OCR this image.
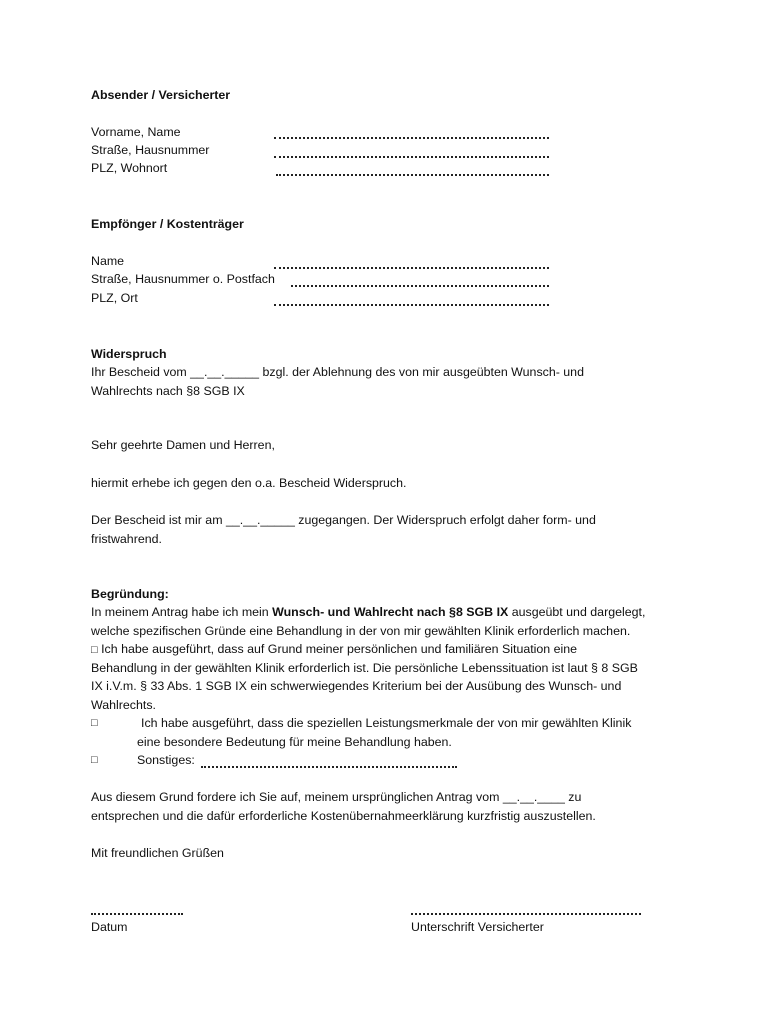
Absender / Versicherter
Vorname, Name
Straße, Hausnummer
PLZ, Wohnort
Empfönger / Kostenträger
Name
Straße, Hausnummer o. Postfach
PLZ, Ort
Widerspruch
Ihr Bescheid vom __.__._____ bzgl. der Ablehnung des von mir ausgeübten Wunsch- und
Wahlrechts nach §8 SGB IX
Sehr geehrte Damen und Herren,
hiermit erhebe ich gegen den o.a. Bescheid Widerspruch.
Der Bescheid ist mir am __.__._____ zugegangen. Der Widerspruch erfolgt daher form- und
fristwahrend.
Begründung:
In meinem Antrag habe ich mein Wunsch- und Wahlrecht nach §8 SGB IX ausgeübt und dargelegt,
welche spezifischen Gründe eine Behandlung in der von mir gewählten Klinik erforderlich machen.
□ Ich habe ausgeführt, dass auf Grund meiner persönlichen und familiären Situation eine
Behandlung in der gewählten Klinik erforderlich ist. Die persönliche Lebenssituation ist laut § 8 SGB
IX i.V.m. § 33 Abs. 1 SGB IX ein schwerwiegendes Kriterium bei der Ausübung des Wunsch- und
Wahlrechts.
□	Ich habe ausgeführt, dass die speziellen Leistungsmerkmale der von mir gewählten Klinik
eine besondere Bedeutung für meine Behandlung haben.
□	Sonstiges:
Aus diesem Grund fordere ich Sie auf, meinem ursprünglichen Antrag vom __.__.____ zu
entsprechen und die dafür erforderliche Kostenübernahmeerklärung kurzfristig auszustellen.
Mit freundlichen Grüßen
Datum	Unterschrift Versicherter
